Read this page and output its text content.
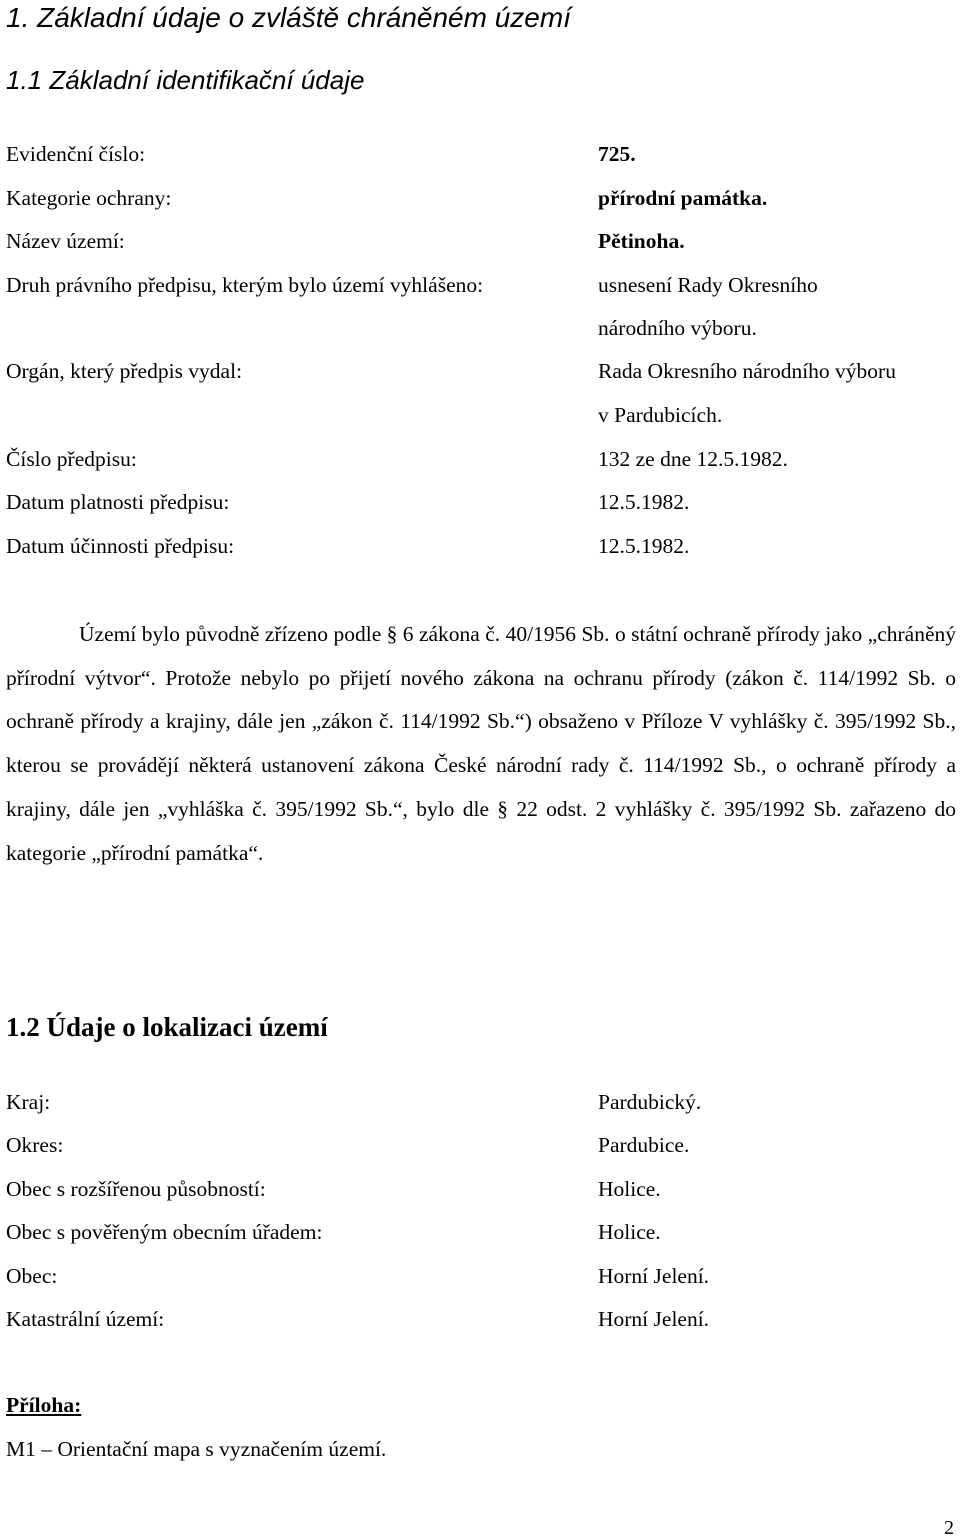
1. Základní údaje o zvláště chráněném území
1.1 Základní identifikační údaje
Evidenční číslo:	725.
Kategorie ochrany:	přírodní památka.
Název území:	Pětinoha.
Druh právního předpisu, kterým bylo území vyhlášeno:	usnesení Rady Okresního
národního výboru.
Orgán, který předpis vydal:	Rada Okresního národního výboru
v Pardubicích.
Číslo předpisu:	132 ze dne 12.5.1982.
Datum platnosti předpisu:	12.5.1982.
Datum účinnosti předpisu:	12.5.1982.

Území bylo původně zřízeno podle § 6 zákona č. 40/1956 Sb. o státní ochraně přírody jako „chráněný přírodní výtvor“. Protože nebylo po přijetí nového zákona na ochranu přírody (zákon č. 114/1992 Sb. o ochraně přírody a krajiny, dále jen „zákon č. 114/1992 Sb.“) obsaženo v Příloze V vyhlášky č. 395/1992 Sb., kterou se provádějí některá ustanovení zákona České národní rady č. 114/1992 Sb., o ochraně přírody a krajiny, dále jen „vyhláška č. 395/1992 Sb.“, bylo dle § 22 odst. 2 vyhlášky č. 395/1992 Sb. zařazeno do kategorie „přírodní památka“.

1.2 Údaje o lokalizaci území
Kraj:	Pardubický.
Okres:	Pardubice.
Obec s rozšířenou působností:	Holice.
Obec s pověřeným obecním úřadem:	Holice.
Obec:	Horní Jelení.
Katastrální území:	Horní Jelení.
Příloha:
M1 – Orientační mapa s vyznačením území.
2
